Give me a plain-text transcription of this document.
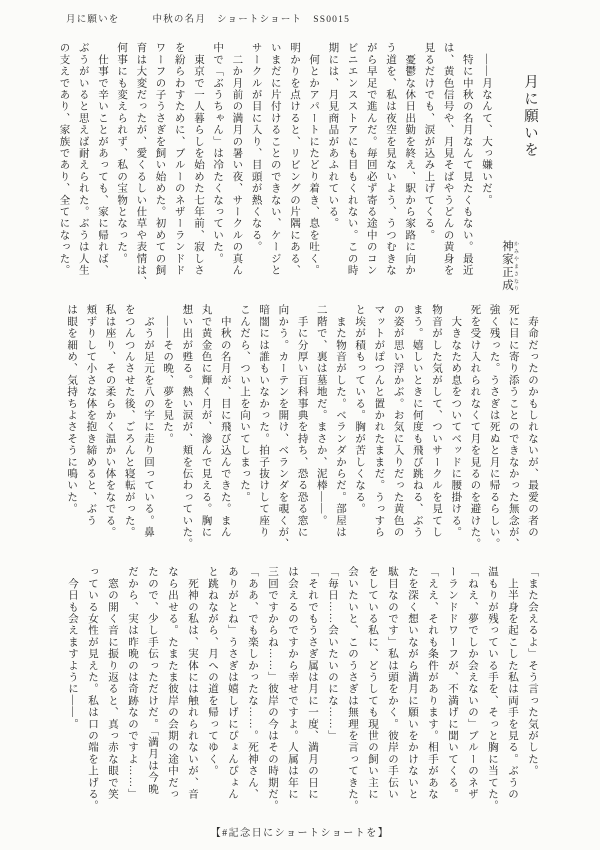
月に願いを	中秋の名月 ショートショート SS0015
月に願いを

神家正成 かみやまさなり

　——月なんて、大っ嫌いだ。

　特に中秋の名月なんて見たくもない。最近

は、黄色信号や、月見そばやうどんの黄身を

見るだけでも、涙が込み上げてくる。

　憂鬱な休日出勤を終え、駅から家路に向か

う道を、私は夜空を見ないよう、うつむきな

がら早足で進んだ。毎回必ず寄る途中のコン

ビニエンスストアにも目もくれない。この時

期には、月見商品があふれている。

　何とかアパートにたどり着き、息を吐く。

明かりを点けると、リビングの片隅にある、

いまだに片付けることのできない、ケージと

サークルが目に入り、目頭が熱くなる。

　二か月前の満月の暑い夜、サークルの真ん

中で「ぶうちゃん」は冷たくなっていた。

　東京で一人暮らしを始めた七年前、寂しさ

を紛らわすために、ブルーのネザーランドド

ワーフの子うさぎを飼い始めた。初めての飼

育は大変だったが、愛くるしい仕草や表情は、

何事にも変えられず、私の宝物となった。

　仕事で辛いことがあっても、家に帰れば、

ぶうがいると思えば耐えられた。ぶうは人生

の支えであり、家族であり、全てになった。

　寿命だったのかもしれないが、最愛の者の

死に目に寄り添うことのできなかった無念が、

強く残った。うさぎは死ぬと月に帰るらしい。

死を受け入れられなくて月を見るのを避けた。

　大きなため息をついてベッドに腰掛ける。

物音がした気がして、ついサークルを見てし

まう。嬉しいときに何度も飛び跳ねる、ぶう

の姿が思い浮かぶ。お気に入りだった黄色の

マットがぽつんと置かれたままだ。うっすら

と埃が積もっている。胸が苦しくなる。

　また物音がした。ベランダからだ。部屋は

二階で、裏は墓地だ。まさか、泥棒——。

　手に分厚い百科事典を持ち、恐る恐る窓に

向かう。カーテンを開け、ベランダを覗くが、

暗闇には誰もいなかった。拍子抜けして座り

こんだら、つい上を向いてしまった。

　中秋の名月が、目に飛び込んできた。まん

丸で黄金色に輝く月が、滲んで見える。胸に

想い出が甦る。熱い涙が、頬を伝わっていた。

　——その晩、夢を見た。

　ぶうが足元を八の字に走り回っている。鼻

をつんつんさせた後、ごろんと寝転がった。

私は座り、その柔らかく温かい体をなでる。

頬ずりして小さな体を抱き締めると、ぶう

は眼を細め、気持ちよさそうに鳴いた。

「また会えるよ」そう言った気がした。

　上半身を起こした私は両手を見る。ぶうの

温もりが残っている手を、そっと胸に当てた。

「ねえ、夢でしか会えないの」ブルーのネザ

ーランドドワーフが、不満げに聞いてくる。

「ええ、それも条件があります。相手があな

たを深く想いながら満月に願いをかけないと

駄目なのです」私は頭をかく。彼岸の手伝い

をしている私に、どうしても現世の飼い主に

会いたいと、このうさぎは無理を言ってきた。

「毎日……会いたいのにな……」

「それでもうさぎ属は月に一度、満月の日に

は会えるのですから幸せですよ。人属は年に

三回ですからね……」彼岸の今はその時期だ。

「ああ、でも楽しかったな……。死神さん、

ありがとね」うさぎは嬉しげにぴょんぴょん

と跳ねながら、月への道を帰ってゆく。

　死神の私は、実体には触れられないが、音

なら出せる。たまたま彼岸の会期の途中だっ

たので、少し手伝っただけだ。「満月は今晩

だから、実は昨晩のは奇跡なのですよ……」

　窓の開く音に振り返ると、真っ赤な眼で笑

っている女性が見えた。私は口の端を上げる。

　今日も会えますように——。

【#記念日にショートショートを】
